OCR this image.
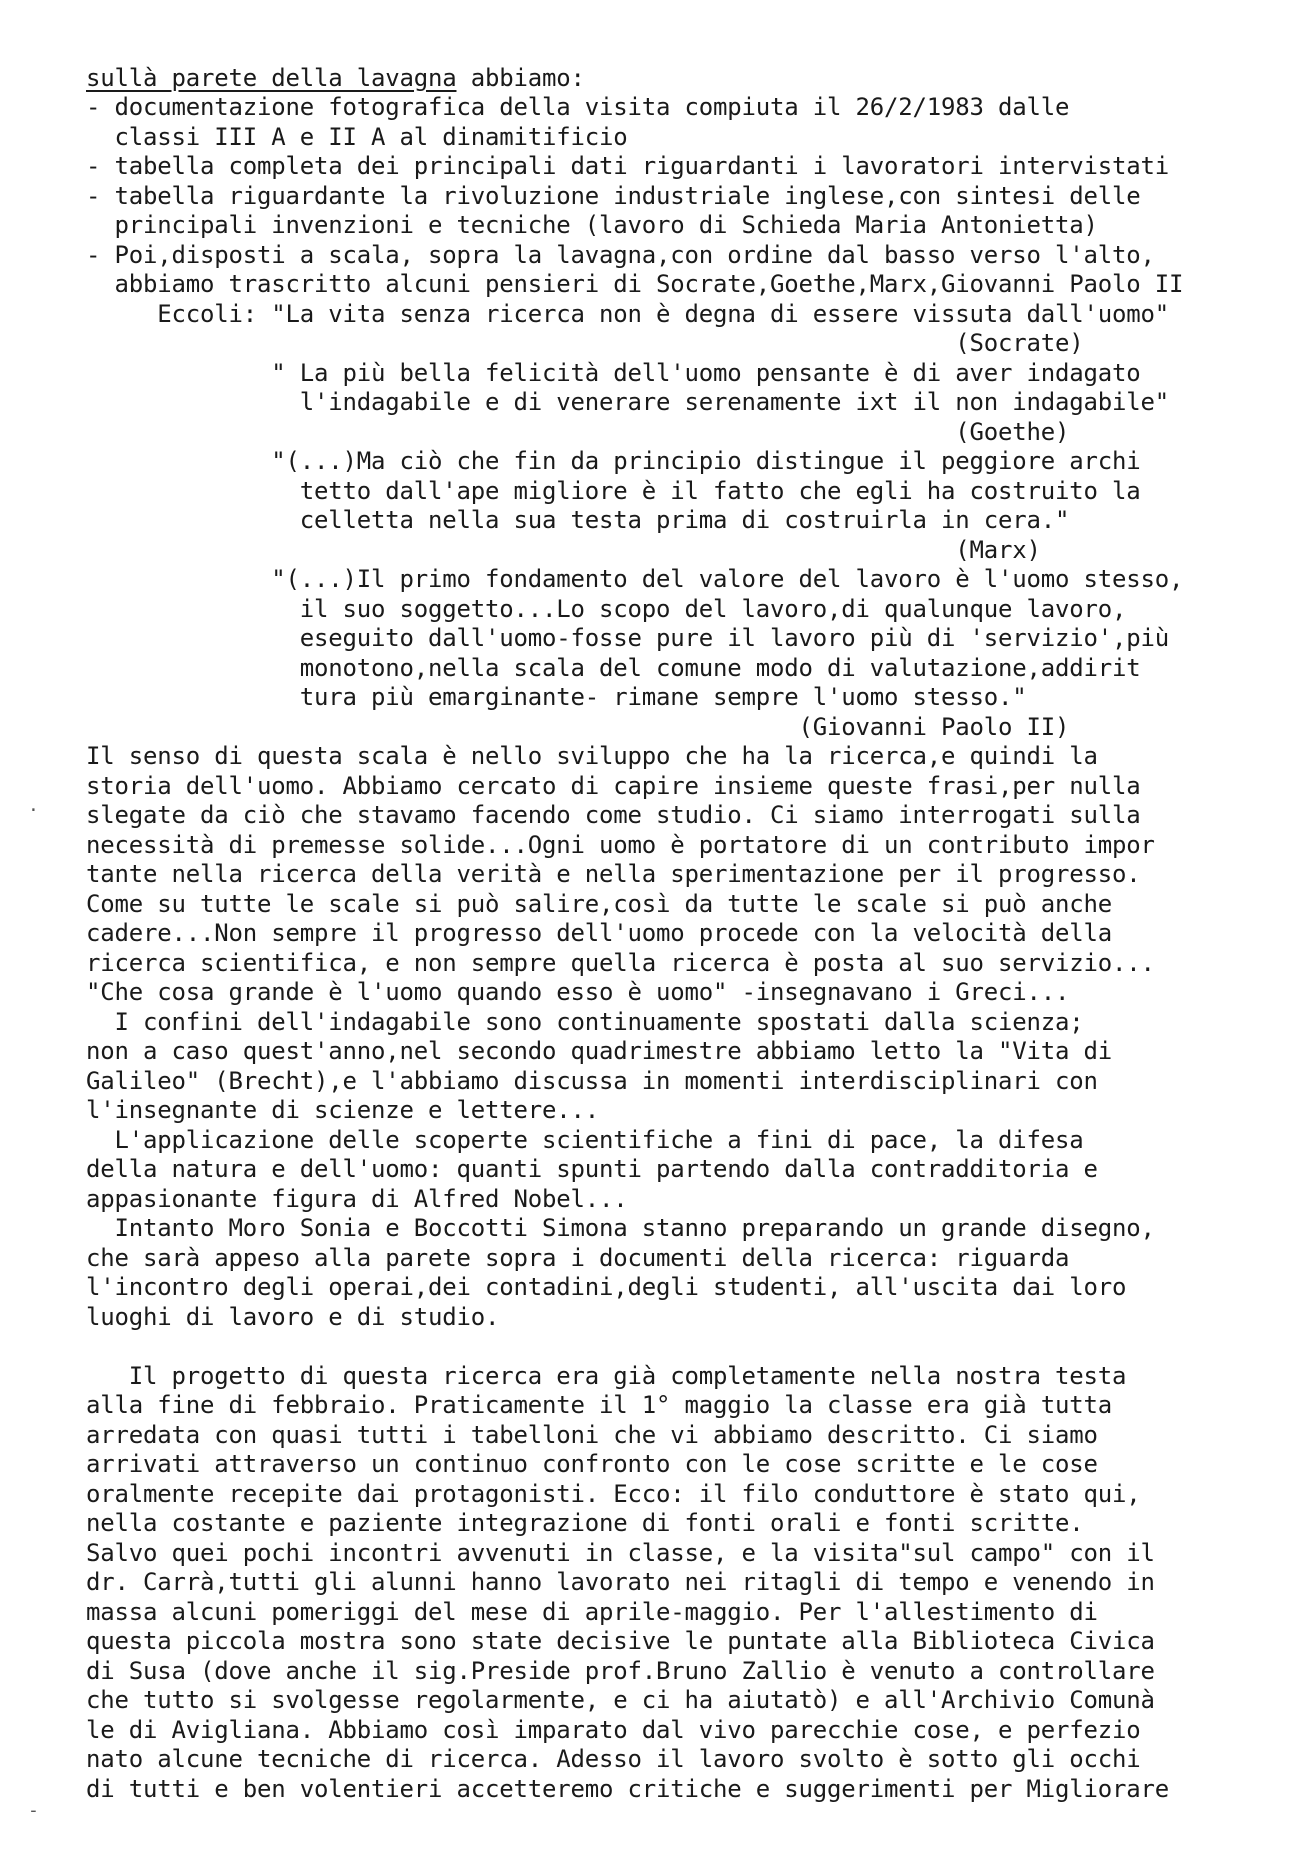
sullà parete della lavagna abbiamo:
- documentazione fotografica della visita compiuta il 26/2/1983 dalle
classi III A e II A al dinamitificio
- tabella completa dei principali dati riguardanti i lavoratori intervistati
- tabella riguardante la rivoluzione industriale inglese,con sintesi delle
principali invenzioni e tecniche (lavoro di Schieda Maria Antonietta)
- Poi,disposti a scala, sopra la lavagna,con ordine dal basso verso l'alto,
abbiamo trascritto alcuni pensieri di Socrate,Goethe,Marx,Giovanni Paolo II
Eccoli: "La vita senza ricerca non è degna di essere vissuta dall'uomo"
(Socrate)
" La più bella felicità dell'uomo pensante è di aver indagato
l'indagabile e di venerare serenamente ixt il non indagabile"
(Goethe)
"(...)Ma ciò che fin da principio distingue il peggiore archi
tetto dall'ape migliore è il fatto che egli ha costruito la
celletta nella sua testa prima di costruirla in cera."
(Marx)
"(...)Il primo fondamento del valore del lavoro è l'uomo stesso,
il suo soggetto...Lo scopo del lavoro,di qualunque lavoro,
eseguito dall'uomo-fosse pure il lavoro più di 'servizio',più
monotono,nella scala del comune modo di valutazione,addirit
tura più emarginante- rimane sempre l'uomo stesso."
(Giovanni Paolo II)
Il senso di questa scala è nello sviluppo che ha la ricerca,e quindi la
storia dell'uomo. Abbiamo cercato di capire insieme queste frasi,per nulla
slegate da ciò che stavamo facendo come studio. Ci siamo interrogati sulla
necessità di premesse solide...Ogni uomo è portatore di un contributo impor
tante nella ricerca della verità e nella sperimentazione per il progresso.
Come su tutte le scale si può salire,così da tutte le scale si può anche
cadere...Non sempre il progresso dell'uomo procede con la velocità della
ricerca scientifica, e non sempre quella ricerca è posta al suo servizio...
"Che cosa grande è l'uomo quando esso è uomo" -insegnavano i Greci...
I confini dell'indagabile sono continuamente spostati dalla scienza;
non a caso quest'anno,nel secondo quadrimestre abbiamo letto la "Vita di
Galileo" (Brecht),e l'abbiamo discussa in momenti interdisciplinari con
l'insegnante di scienze e lettere...
L'applicazione delle scoperte scientifiche a fini di pace, la difesa
della natura e dell'uomo: quanti spunti partendo dalla contradditoria e
appasionante figura di Alfred Nobel...
Intanto Moro Sonia e Boccotti Simona stanno preparando un grande disegno,
che sarà appeso alla parete sopra i documenti della ricerca: riguarda
l'incontro degli operai,dei contadini,degli studenti, all'uscita dai loro
luoghi di lavoro e di studio.
Il progetto di questa ricerca era già completamente nella nostra testa
alla fine di febbraio. Praticamente il 1° maggio la classe era già tutta
arredata con quasi tutti i tabelloni che vi abbiamo descritto. Ci siamo
arrivati attraverso un continuo confronto con le cose scritte e le cose
oralmente recepite dai protagonisti. Ecco: il filo conduttore è stato qui,
nella costante e paziente integrazione di fonti orali e fonti scritte.
Salvo quei pochi incontri avvenuti in classe, e la visita"sul campo" con il
dr. Carrà,tutti gli alunni hanno lavorato nei ritagli di tempo e venendo in
massa alcuni pomeriggi del mese di aprile-maggio. Per l'allestimento di
questa piccola mostra sono state decisive le puntate alla Biblioteca Civica
di Susa (dove anche il sig.Preside prof.Bruno Zallio è venuto a controllare
che tutto si svolgesse regolarmente, e ci ha aiutatò) e all'Archivio Comunà
le di Avigliana. Abbiamo così imparato dal vivo parecchie cose, e perfezio
nato alcune tecniche di ricerca. Adesso il lavoro svolto è sotto gli occhi
di tutti e ben volentieri accetteremo critiche e suggerimenti per Migliorare
·
-
